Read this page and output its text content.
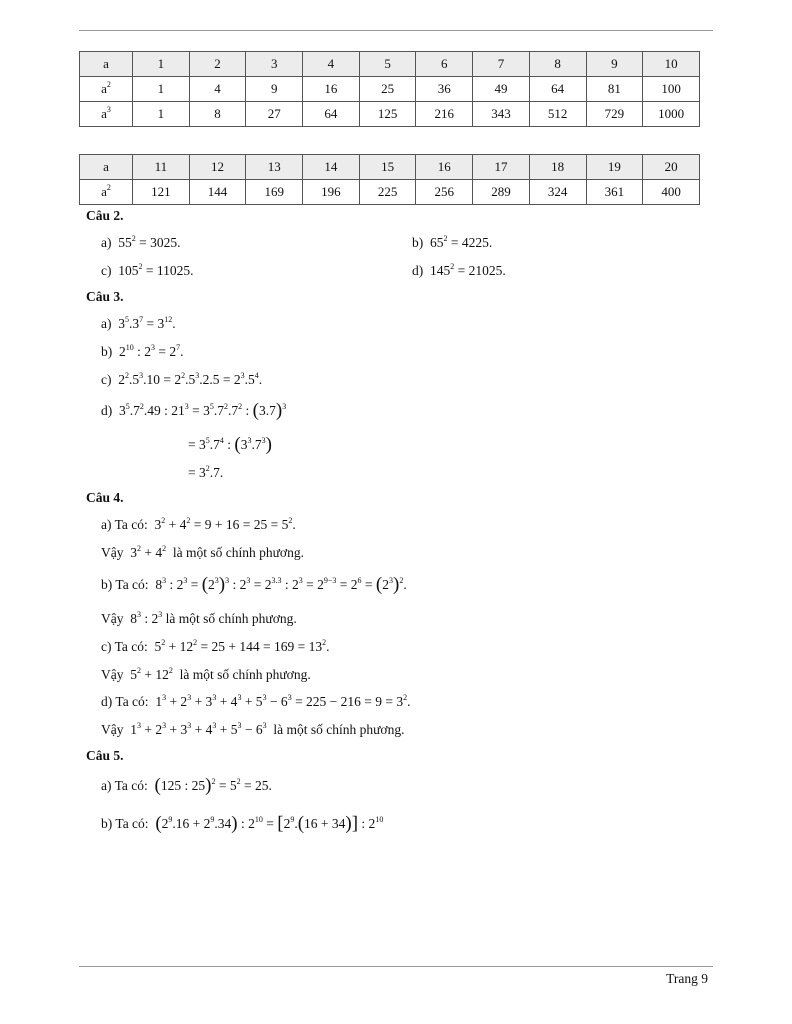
a	1	2	3	4	5	6	7	8	9	10
$a^2$	1	4	9	16	25	36	49	64	81	100
$a^3$	1	8	27	64	125	216	343	512	729	1000
a	11	12	13	14	15	16	17	18	19	20
$a^2$	121	144	169	196	225	256	289	324	361	400
Câu 2.
a) $55^2 = 3025$.	b) $65^2 = 4225$.
c) $105^2 = 11025$.	d) $145^2 = 21025$.
Câu 3.
a)  $3^5.3^7 = 3^{12}$.
b)  $2^{10}$ : $2^3 = 2^7$.
c)  $2^2.5^3.10 = 2^2.5^3.2.5 = 2^3.5^4$.
d)  $3^5.7^2.49$ : $21^3 = 3^5.7^2.7^2$ : $(3.7)^3$
= $3^5.7^4$ : $(3^3.7^3)$
= $3^2.7$.
Câu 4.
a) Ta có:  $3^2 + 4^2 = 9 + 16 = 25 = 5^2$.
Vậy  $3^2 + 4^2$ là một số chính phương.
b) Ta có:  $8^3$ : $2^3 = (2^3)^3$ : $2^3 = 2^{3.3}$ : $2^3 = 2^{9-3} = 2^6 = (2^3)^2$.
Vậy  $8^3$ : $2^3$ là một số chính phương.
c) Ta có:  $5^2 + 12^2 = 25 + 144 = 169 = 13^2$.
Vậy  $5^2 + 12^2$ là một số chính phương.
d) Ta có:  $1^3 + 2^3 + 3^3 + 4^3 + 5^3 - 6^3 = 225 - 216 = 9 = 3^2$.
Vậy  $1^3 + 2^3 + 3^3 + 4^3 + 5^3 - 6^3$ là một số chính phương.
Câu 5.
a) Ta có: (125 : $25)^2 = 5^2 = 25$.
b) Ta có: $(2^9.16 + 2^9.34)$ : $2^{10} = [2^9.(16 + 34)]$ : $2^{10}$
Trang 9
